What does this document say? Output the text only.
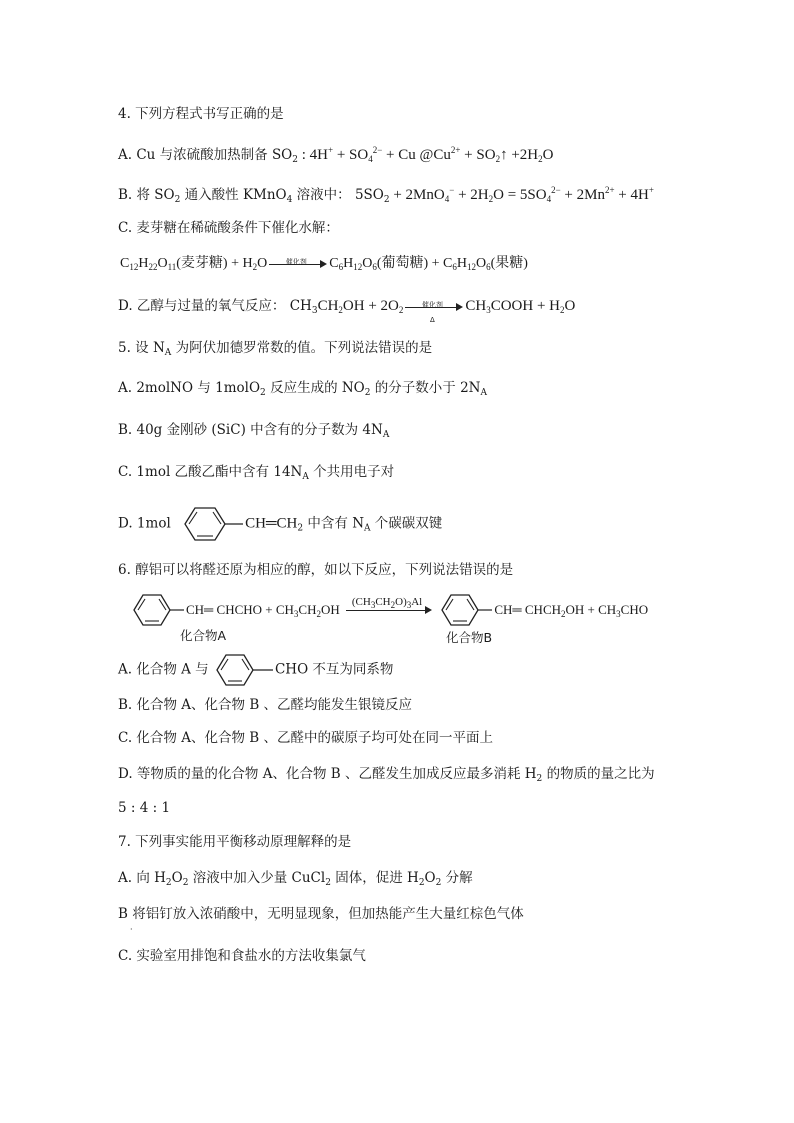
4. 下列方程式书写正确的是
A. Cu 与浓硫酸加热制备 $SO_2$ : $4H^+ + SO_4^{2-} + Cu$ $@Cu^{2+}$ + $SO_2↑ +2H_2O$
B. 将 $SO_2$ 通入酸性 KMnO$_4$ 溶液中： $5SO_2 + 2MnO_4^- + 2H_2O = 5SO_4^{2-} + 2Mn^{2+} + 4H^+$
C. 麦芽糖在稀硫酸条件下催化水解：
$C_{12}H_{22}O_{11}$(麦芽糖) + $H_2O$	催化剂	$C_6H_{12}O_6$(葡萄糖) + $C_6H_{12}O_6$(果糖)
D. 乙醇与过量的氧气反应： $CH_3CH_2OH + 2O_2$
催化剂
Δ
$CH_3COOH + H_2O$
5. 设 $N_A$ 为阿伏加德罗常数的值。下列说法错误的是
A. 2molNO 与 1molO$_2$ 反应生成的 $NO_2$ 的分子数小于 $2N_A$
B. 40g 金刚砂 (SiC) 中含有的分子数为 $4N_A$
C. 1mol 乙酸乙酯中含有 $14N_A$ 个共用电子对
D. 1mol	$CH═CH_2$ 中含有 $N_A$ 个碳碳双键
6. 醇铝可以将醛还原为相应的醇，如以下反应，下列说法错误的是
CH═ CHCHO + $CH_3CH_2OH$	$(CH_3CH_2O)_3Al$	CH═ $CHCH_2OH + CH_3CHO$
化合物A	化合物B
A. 化合物 A 与	CHO 不互为同系物
B. 化合物 A、化合物 B 、乙醛均能发生银镜反应
C. 化合物 A、化合物 B 、乙醛中的碳原子均可处在同一平面上
D. 等物质的量的化合物 A、化合物 B 、乙醛发生加成反应最多消耗 $H_2$ 的物质的量之比为
5 : 4 : 1
7. 下列事实能用平衡移动原理解释的是
A. 向 $H_2O_2$ 溶液中加入少量 CuCl$_2$ 固体，促进 $H_2O_2$ 分解
B 将铝钉放入浓硝酸中，无明显现象，但加热能产生大量红棕色气体
·
C. 实验室用排饱和食盐水的方法收集氯气
